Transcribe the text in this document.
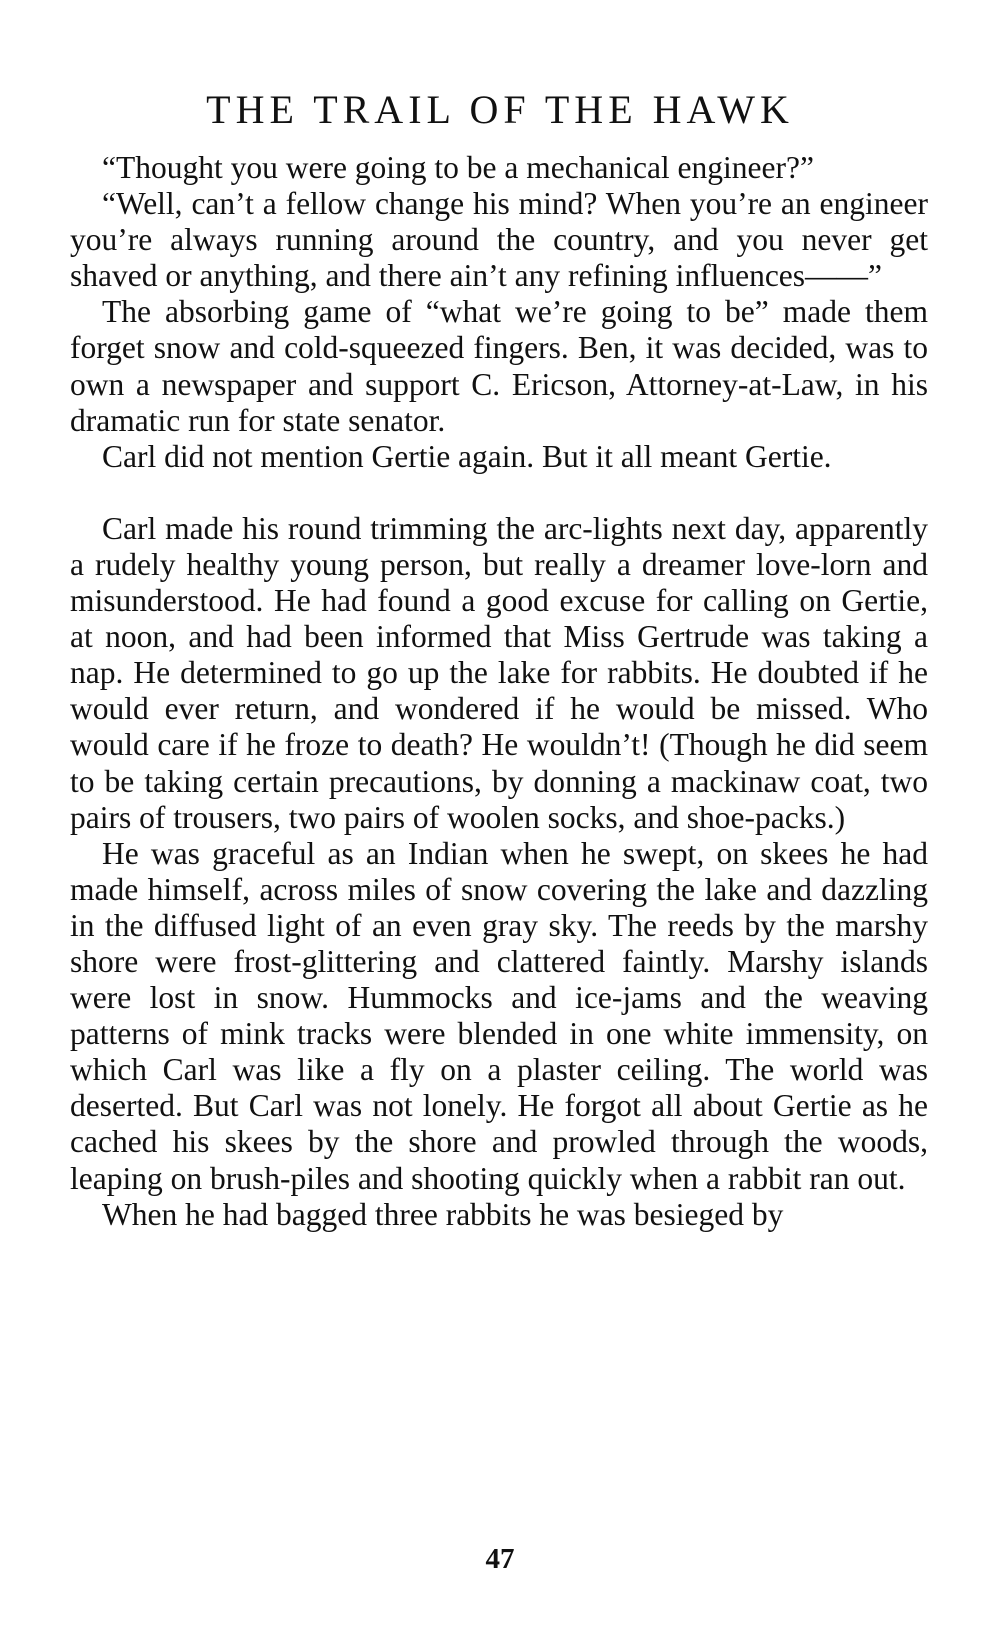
THE TRAIL OF THE HAWK

“Thought you were going to be a mechanical engineer?”

“Well, can’t a fellow change his mind? When you’re an engineer you’re always running around the country, and you never get shaved or anything, and there ain’t any refining influences——”

The absorbing game of “what we’re going to be” made them forget snow and cold-squeezed fingers. Ben, it was decided, was to own a newspaper and support C. Ericson, Attorney-at-Law, in his dramatic run for state senator.

Carl did not mention Gertie again. But it all meant Gertie.

Carl made his round trimming the arc-lights next day, apparently a rudely healthy young person, but really a dreamer love-lorn and misunderstood. He had found a good excuse for calling on Gertie, at noon, and had been informed that Miss Gertrude was taking a nap. He determined to go up the lake for rabbits. He doubted if he would ever return, and wondered if he would be missed. Who would care if he froze to death? He wouldn’t! (Though he did seem to be taking certain precautions, by donning a mackinaw coat, two pairs of trousers, two pairs of woolen socks, and shoe-packs.)

He was graceful as an Indian when he swept, on skees he had made himself, across miles of snow covering the lake and dazzling in the diffused light of an even gray sky. The reeds by the marshy shore were frost-glittering and clattered faintly. Marshy islands were lost in snow. Hummocks and ice-jams and the weaving patterns of mink tracks were blended in one white immensity, on which Carl was like a fly on a plaster ceiling. The world was deserted. But Carl was not lonely. He forgot all about Gertie as he cached his skees by the shore and prowled through the woods, leaping on brush-piles and shooting quickly when a rabbit ran out.

When he had bagged three rabbits he was besieged by

47
